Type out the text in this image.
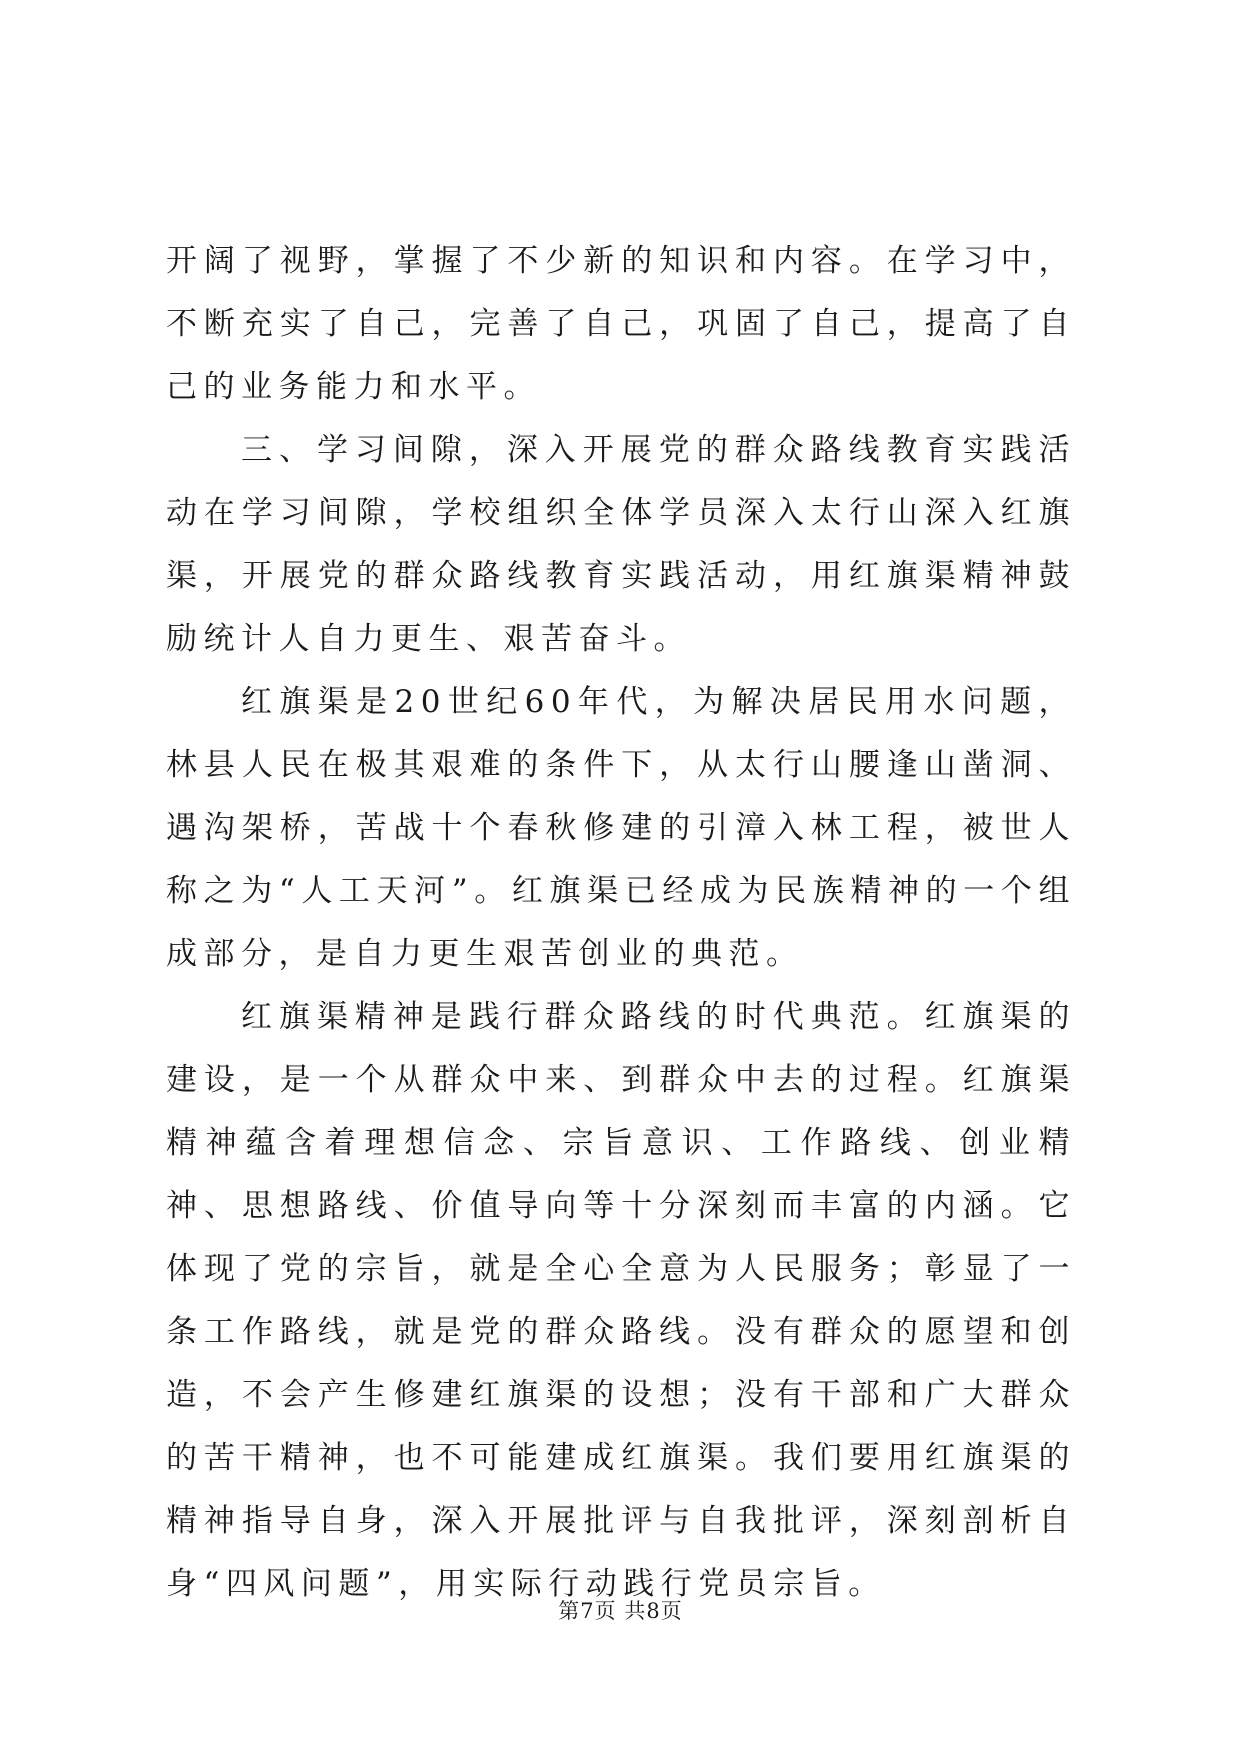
开阔了视野，掌握了不少新的知识和内容。在学习中，不断充实了自己，完善了自己，巩固了自己，提高了自己的业务能力和水平。

三、学习间隙，深入开展党的群众路线教育实践活动在学习间隙，学校组织全体学员深入太行山深入红旗渠，开展党的群众路线教育实践活动，用红旗渠精神鼓励统计人自力更生、艰苦奋斗。

红旗渠是20世纪60年代，为解决居民用水问题，林县人民在极其艰难的条件下，从太行山腰逢山凿洞、遇沟架桥，苦战十个春秋修建的引漳入林工程，被世人称之为“人工天河”。红旗渠已经成为民族精神的一个组成部分，是自力更生艰苦创业的典范。

红旗渠精神是践行群众路线的时代典范。红旗渠的建设，是一个从群众中来、到群众中去的过程。红旗渠精神蕴含着理想信念、宗旨意识、工作路线、创业精神、思想路线、价值导向等十分深刻而丰富的内涵。它体现了党的宗旨，就是全心全意为人民服务；彰显了一条工作路线，就是党的群众路线。没有群众的愿望和创造，不会产生修建红旗渠的设想；没有干部和广大群众的苦干精神，也不可能建成红旗渠。我们要用红旗渠的精神指导自身，深入开展批评与自我批评，深刻剖析自身“四风问题”，用实际行动践行党员宗旨。

第7页 共8页
